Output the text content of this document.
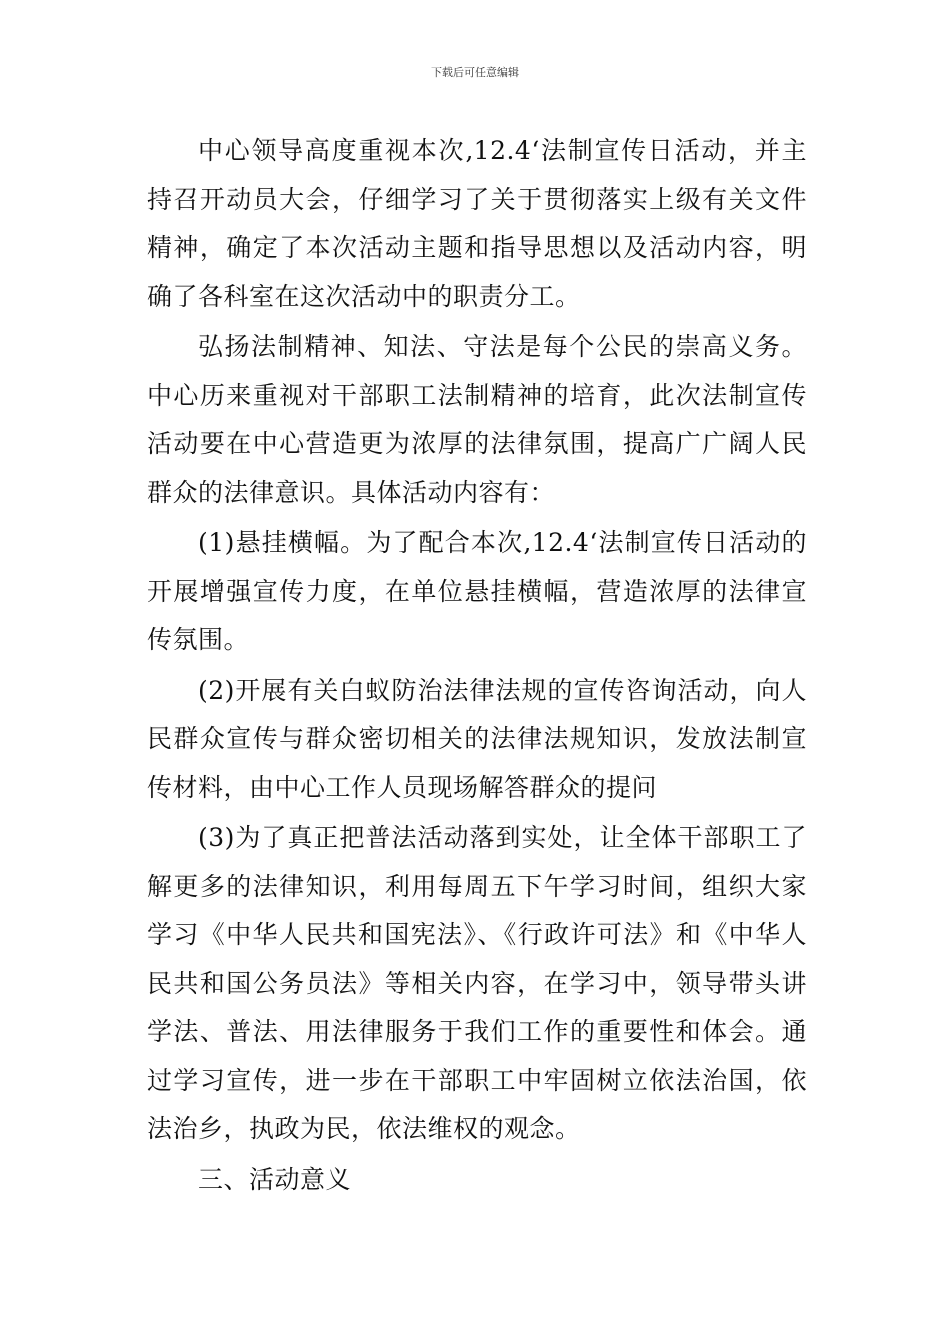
下载后可任意编辑

中心领导高度重视本次‚12.4‘法制宣传日活动，并主持召开动员大会，仔细学习了关于贯彻落实上级有关文件精神，确定了本次活动主题和指导思想以及活动内容，明确了各科室在这次活动中的职责分工。

弘扬法制精神、知法、守法是每个公民的崇高义务。中心历来重视对干部职工法制精神的培育，此次法制宣传活动要在中心营造更为浓厚的法律氛围，提高广广阔人民群众的法律意识。具体活动内容有：

(1)悬挂横幅。为了配合本次‚12.4‘法制宣传日活动的开展增强宣传力度，在单位悬挂横幅，营造浓厚的法律宣传氛围。

(2)开展有关白蚁防治法律法规的宣传咨询活动，向人民群众宣传与群众密切相关的法律法规知识，发放法制宣传材料，由中心工作人员现场解答群众的提问

(3)为了真正把普法活动落到实处，让全体干部职工了解更多的法律知识，利用每周五下午学习时间，组织大家学习《中华人民共和国宪法》、《行政许可法》和《中华人民共和国公务员法》等相关内容，在学习中，领导带头讲学法、普法、用法律服务于我们工作的重要性和体会。通过学习宣传，进一步在干部职工中牢固树立依法治国，依法治乡，执政为民，依法维权的观念。

三、活动意义
